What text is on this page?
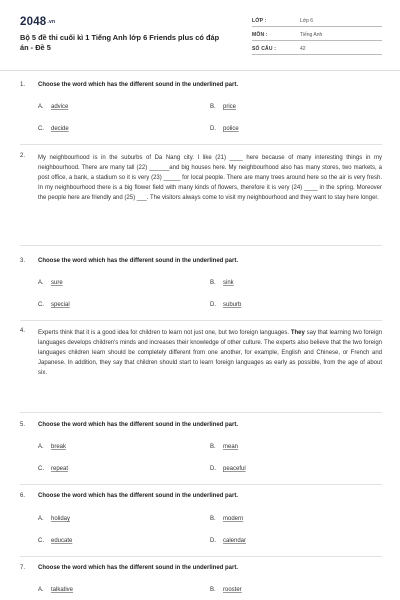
2048.vn
Bộ 5 đề thi cuối kì 1 Tiếng Anh lớp 6 Friends plus có đáp án - Đề 5
LỚP :	Lớp 6
MÔN :	Tiếng Anh
SỐ CÂU :	42
1. Choose the word which has the different sound in the underlined part.
A. advice	B. price
C. decide	D. police
2. My neighbourhood is in the suburbs of Da Nang city. I like (21) ____ here because of many interesting things in my neighbourhood. There are many tall (22) ______and big houses here. My neighbourhood also has many stores, two markets, a post office, a bank, a stadium so it is very (23) _____ for local people. There are many trees around here so the air is very fresh. In my neighbourhood there is a big flower field with many kinds of flowers, therefore it is very (24) ____ in the spring. Moreover the people here are friendly and (25) ___. The visitors always come to visit my neighbourhood and they want to stay here longer.
3. Choose the word which has the different sound in the underlined part.
A. sure	B. sink
C. special	D. suburb
4. Experts think that it is a good idea for children to learn not just one, but two foreign languages. They say that learning two foreign languages develops children's minds and increases their knowledge of other culture. The experts also believe that the two foreign languages children learn should be completely different from one another, for example, English and Chinese, or French and Japanese. In addition, they say that children should start to learn foreign languages as early as possible, from the age of about six.
5. Choose the word which has the different sound in the underlined part.
A. break	B. mean
C. repeat	D. peaceful
6. Choose the word which has the different sound in the underlined part.
A. holiday	B. modern
C. educate	D. calendar
7. Choose the word which has the different sound in the underlined part.
A. talkative	B. rooster
